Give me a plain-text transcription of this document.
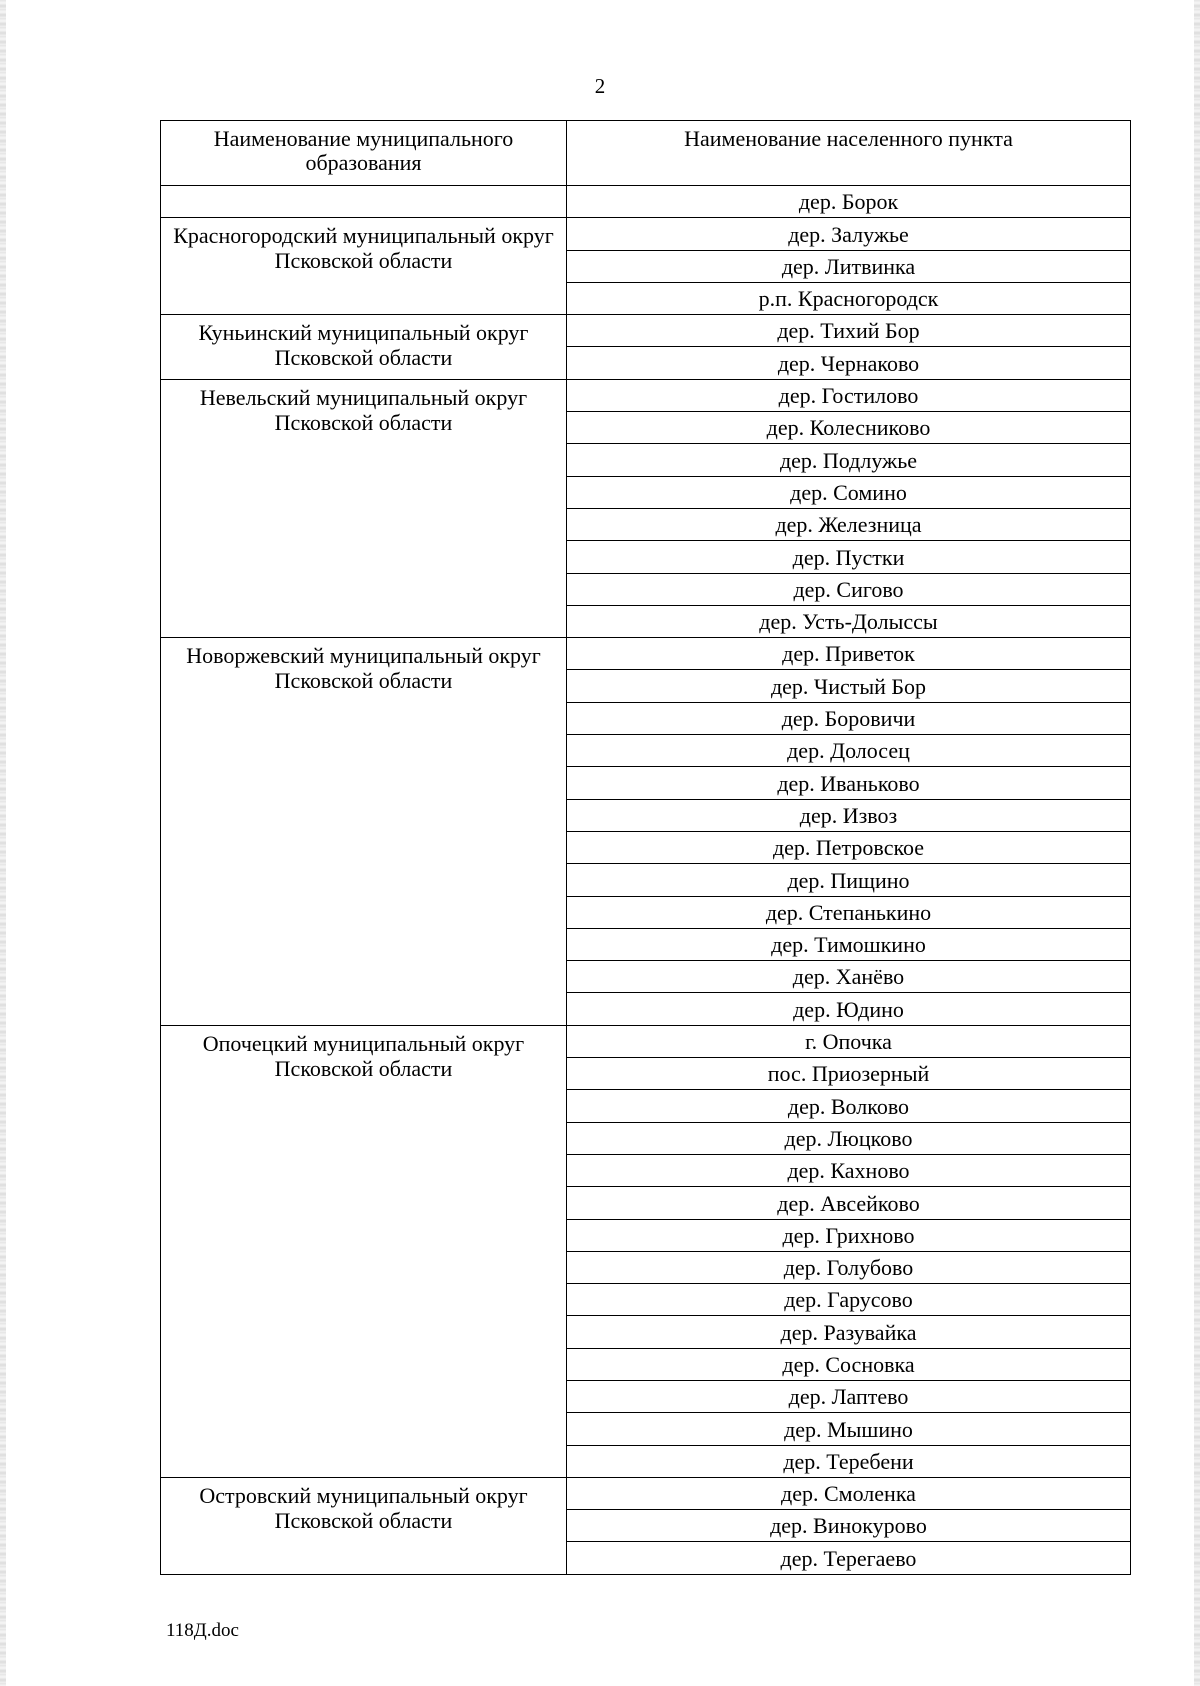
2
Наименование муниципального образования	Наименование населенного пункта
	дер. Борок
Красногородский муниципальный округ Псковской области	дер. Залужье
	дер. Литвинка
	р.п. Красногородск
Куньинский муниципальный округ Псковской области	дер. Тихий Бор
	дер. Чернаково
Невельский муниципальный округ Псковской области	дер. Гостилово
	дер. Колесниково
	дер. Подлужье
	дер. Сомино
	дер. Железница
	дер. Пустки
	дер. Сигово
	дер. Усть-Долыссы
Новоржевский муниципальный округ Псковской области	дер. Приветок
	дер. Чистый Бор
	дер. Боровичи
	дер. Долосец
	дер. Иваньково
	дер. Извоз
	дер. Петровское
	дер. Пищино
	дер. Степанькино
	дер. Тимошкино
	дер. Ханёво
	дер. Юдино
Опочецкий муниципальный округ Псковской области	г. Опочка
	пос. Приозерный
	дер. Волково
	дер. Люцково
	дер. Кахново
	дер. Авсейково
	дер. Грихново
	дер. Голубово
	дер. Гарусово
	дер. Разувайка
	дер. Сосновка
	дер. Лаптево
	дер. Мышино
	дер. Теребени
Островский муниципальный округ Псковской области	дер. Смоленка
	дер. Винокурово
	дер. Терегаево
118Д.doc
